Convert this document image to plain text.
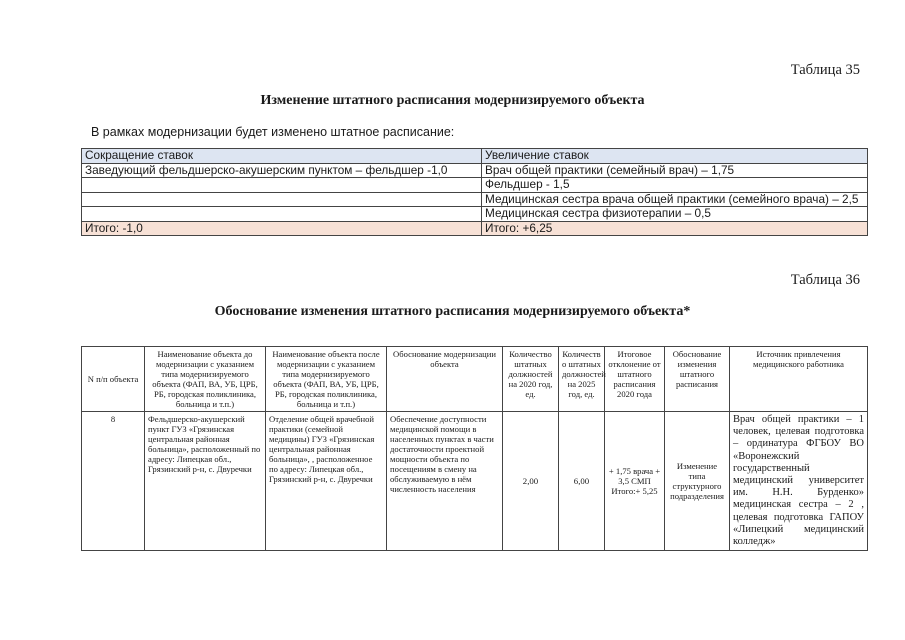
Таблица 35
Изменение штатного расписания модернизируемого объекта
В рамках модернизации будет изменено штатное расписание:
Сокращение ставок	Увеличение ставок
Заведующий фельдшерско-акушерским пунктом – фельдшер -1,0	Врач общей практики (семейный врач) – 1,75
	Фельдшер - 1,5
	Медицинская сестра врача общей практики (семейного врача) – 2,5
	Медицинская сестра физиотерапии – 0,5
Итого: -1,0	Итого: +6,25
Таблица 36
Обоснование изменения штатного расписания модернизируемого объекта*
N п/п объекта	Наименование объекта до модернизации с указанием типа модернизируемого объекта (ФАП, ВА, УБ, ЦРБ, РБ, городская поликлиника, больница и т.п.)	Наименование объекта после модернизации с указанием типа модернизируемого объекта (ФАП, ВА, УБ, ЦРБ, РБ, городская поликлиника, больница и т.п.)	Обоснование модернизации объекта	Количество штатных должностей на 2020 год, ед.	Количеств о штатных должностей на 2025 год, ед.	Итоговое отклонение от штатного расписания 2020 года	Обоснование изменения штатного расписания	Источник привлечения медицинского работника
8	Фельдшерско-акушерский пункт ГУЗ «Грязинская центральная районная больница», расположенный по адресу: Липецкая обл., Грязинский р-н, с. Двуречки	Отделение общей врачебной практики (семейной медицины) ГУЗ «Грязинская центральная районная больница», , расположенное по адресу: Липецкая обл., Грязинский р-н, с. Двуречки	Обеспечение доступности медицинской помощи в населенных пунктах в части достаточности проектной мощности объекта по посещениям в смену на обслуживаемую в нём численность населения	2,00	6,00	+ 1,75 врача + 3,5 СМП Итого:+ 5,25	Изменение типа структурного подразделения	Врач общей практики – 1 человек, целевая подготовка – ординатура ФГБОУ ВО «Воронежский государственный медицинский университет им. Н.Н. Бурденко» медицинская сестра – 2 , целевая подготовка ГАПОУ «Липецкий медицинский колледж»
